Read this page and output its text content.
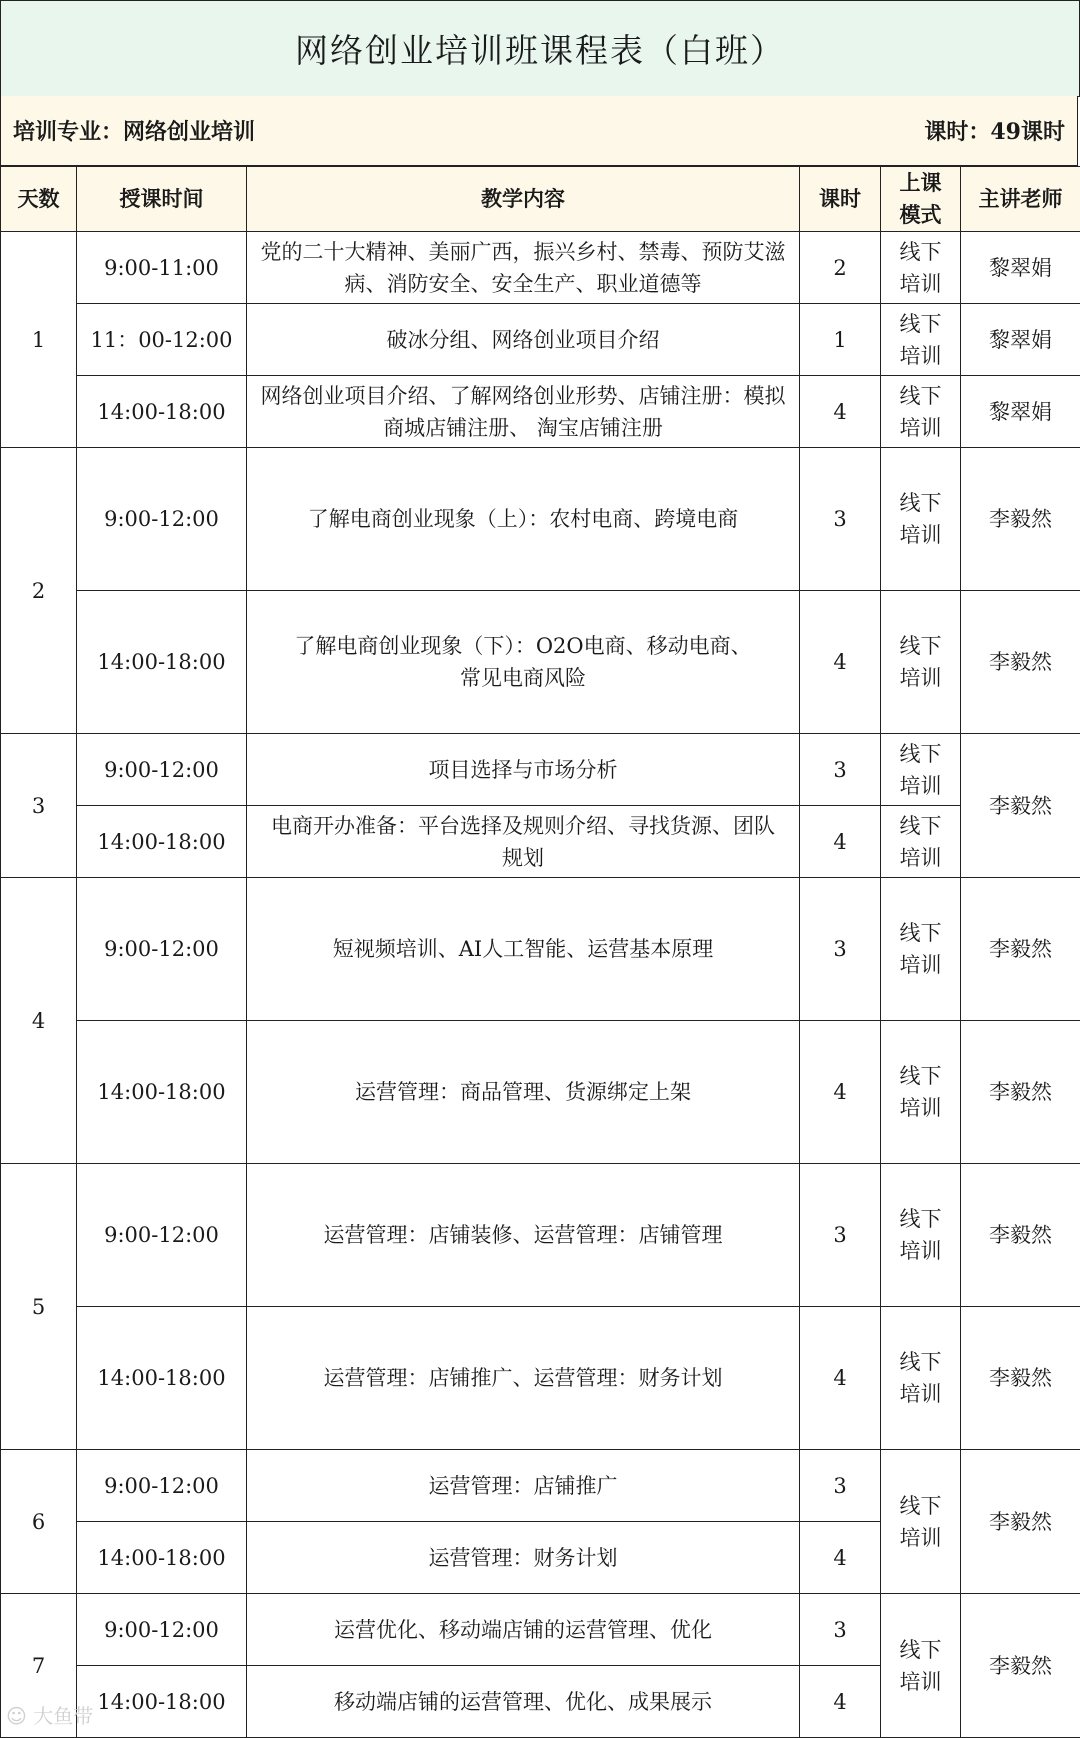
网络创业培训班课程表（白班）
培训专业：网络创业培训	课时：49课时
天数	授课时间	教学内容	课时	上课模式	主讲老师
1	9:00-11:00	党的二十大精神、美丽广西，振兴乡村、禁毒、预防艾滋病、消防安全、安全生产、职业道德等	2	线下培训	黎翠娟
	11：00-12:00	破冰分组、网络创业项目介绍	1	线下培训	黎翠娟
	14:00-18:00	网络创业项目介绍、了解网络创业形势、店铺注册：模拟商城店铺注册、 淘宝店铺注册	4	线下培训	黎翠娟
2	9:00-12:00	了解电商创业现象（上）：农村电商、跨境电商	3	线下培训	李毅然
	14:00-18:00	了解电商创业现象（下）：O2O电商、移动电商、常见电商风险	4	线下培训	李毅然
3	9:00-12:00	项目选择与市场分析	3	线下培训	李毅然
	14:00-18:00	电商开办准备：平台选择及规则介绍、寻找货源、团队规划	4	线下培训	
4	9:00-12:00	短视频培训、AI人工智能、运营基本原理	3	线下培训	李毅然
	14:00-18:00	运营管理：商品管理、货源绑定上架	4	线下培训	李毅然
5	9:00-12:00	运营管理：店铺装修、运营管理：店铺管理	3	线下培训	李毅然
	14:00-18:00	运营管理：店铺推广、运营管理：财务计划	4	线下培训	李毅然
6	9:00-12:00	运营管理：店铺推广	3	线下培训	李毅然
	14:00-18:00	运营管理：财务计划	4		
7	9:00-12:00	运营优化、移动端店铺的运营管理、优化	3	线下培训	李毅然
	14:00-18:00	移动端店铺的运营管理、优化、成果展示	4		
☺ 大鱼带
